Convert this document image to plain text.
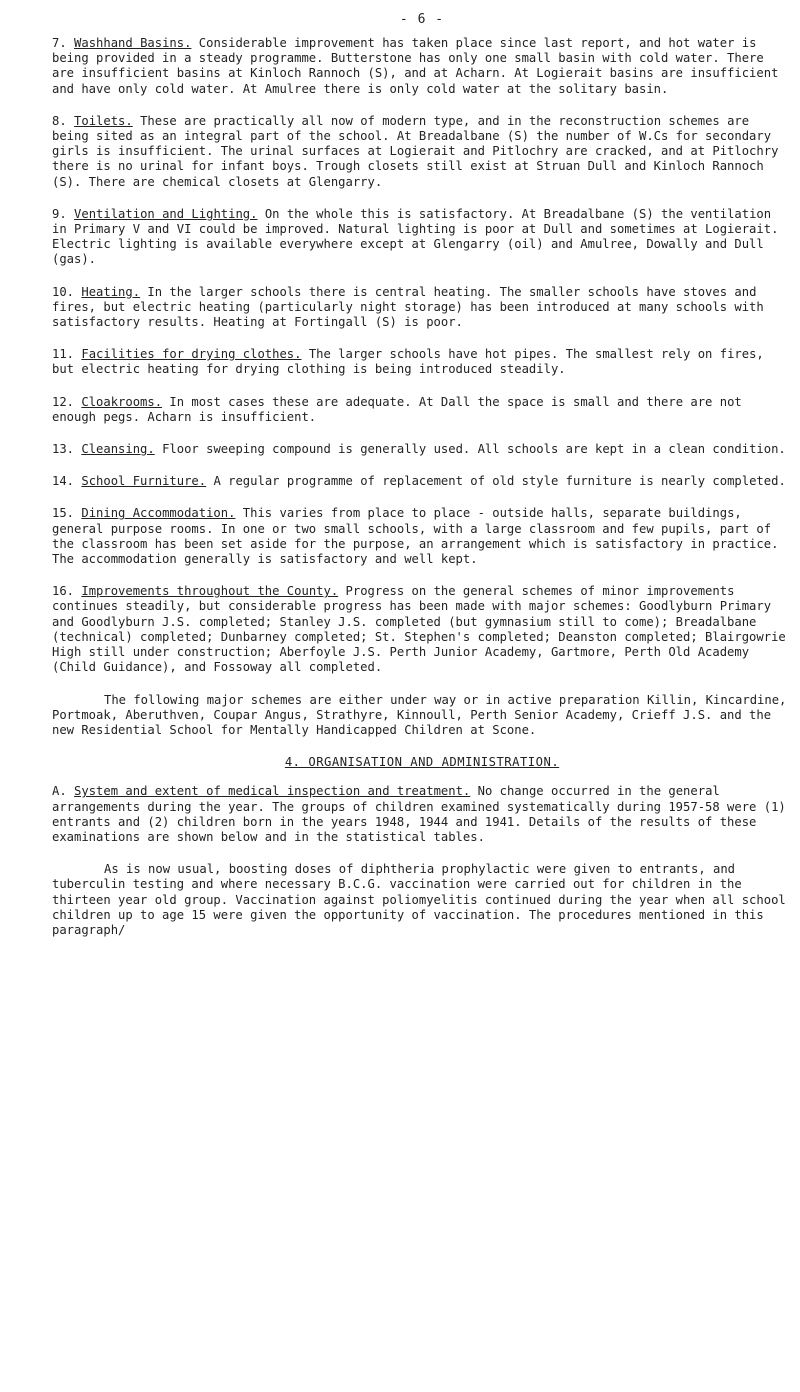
- 6 -

7. Washhand Basins. Considerable improvement has taken place since last report, and hot water is being provided in a steady programme. Butterstone has only one small basin with cold water. There are insufficient basins at Kinloch Rannoch (S), and at Acharn. At Logierait basins are insufficient and have only cold water. At Amulree there is only cold water at the solitary basin.

8. Toilets. These are practically all now of modern type, and in the reconstruction schemes are being sited as an integral part of the school. At Breadalbane (S) the number of W.Cs for secondary girls is insufficient. The urinal surfaces at Logierait and Pitlochry are cracked, and at Pitlochry there is no urinal for infant boys. Trough closets still exist at Struan Dull and Kinloch Rannoch (S). There are chemical closets at Glengarry.

9. Ventilation and Lighting. On the whole this is satisfactory. At Breadalbane (S) the ventilation in Primary V and VI could be improved. Natural lighting is poor at Dull and sometimes at Logierait. Electric lighting is available everywhere except at Glengarry (oil) and Amulree, Dowally and Dull (gas).

10. Heating. In the larger schools there is central heating. The smaller schools have stoves and fires, but electric heating (particularly night storage) has been introduced at many schools with satisfactory results. Heating at Fortingall (S) is poor.

11. Facilities for drying clothes. The larger schools have hot pipes. The smallest rely on fires, but electric heating for drying clothing is being introduced steadily.

12. Cloakrooms. In most cases these are adequate. At Dall the space is small and there are not enough pegs. Acharn is insufficient.

13. Cleansing. Floor sweeping compound is generally used. All schools are kept in a clean condition.

14. School Furniture. A regular programme of replacement of old style furniture is nearly completed.

15. Dining Accommodation. This varies from place to place - outside halls, separate buildings, general purpose rooms. In one or two small schools, with a large classroom and few pupils, part of the classroom has been set aside for the purpose, an arrangement which is satisfactory in practice. The accommodation generally is satisfactory and well kept.

16. Improvements throughout the County. Progress on the general schemes of minor improvements continues steadily, but considerable progress has been made with major schemes: Goodlyburn Primary and Goodlyburn J.S. completed; Stanley J.S. completed (but gymnasium still to come); Breadalbane (technical) completed; Dunbarney completed; St. Stephen's completed; Deanston completed; Blairgowrie High still under construction; Aberfoyle J.S. Perth Junior Academy, Gartmore, Perth Old Academy (Child Guidance), and Fossoway all completed.

The following major schemes are either under way or in active preparation Killin, Kincardine, Portmoak, Aberuthven, Coupar Angus, Strathyre, Kinnoull, Perth Senior Academy, Crieff J.S. and the new Residential School for Mentally Handicapped Children at Scone.

4. ORGANISATION AND ADMINISTRATION.

A. System and extent of medical inspection and treatment. No change occurred in the general arrangements during the year. The groups of children examined systematically during 1957-58 were (1) entrants and (2) children born in the years 1948, 1944 and 1941. Details of the results of these examinations are shown below and in the statistical tables.

As is now usual, boosting doses of diphtheria prophylactic were given to entrants, and tuberculin testing and where necessary B.C.G. vaccination were carried out for children in the thirteen year old group. Vaccination against poliomyelitis continued during the year when all school children up to age 15 were given the opportunity of vaccination. The procedures mentioned in this paragraph/
